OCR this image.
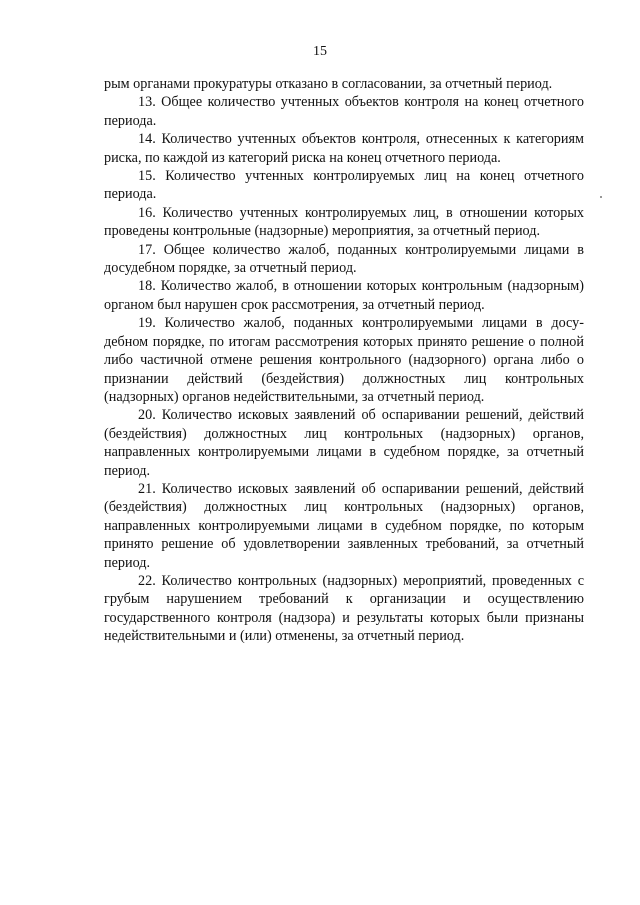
15

рым органами прокуратуры отказано в согласовании, за отчетный период.

13. Общее количество учтенных объектов контроля на конец отчетного периода.

14. Количество учтенных объектов контроля, отнесенных к категориям риска, по каждой из категорий риска на конец отчетного периода.

15. Количество учтенных контролируемых лиц на конец отчетного периода.

16. Количество учтенных контролируемых лиц, в отношении которых проведены контрольные (надзорные) мероприятия, за отчетный период.

17. Общее количество жалоб, поданных контролируемыми лицами в досудебном порядке, за отчетный период.

18. Количество жалоб, в отношении которых контрольным (надзорным) органом был нарушен срок рассмотрения, за отчетный период.

19. Количество жалоб, поданных контролируемыми лицами в досудебном порядке, по итогам рассмотрения которых принято решение о полной либо частичной отмене решения контрольного (надзорного) органа либо о признании действий (бездействия) должностных лиц контрольных (надзорных) органов недействительными, за отчетный период.

20. Количество исковых заявлений об оспаривании решений, действий (бездействия) должностных лиц контрольных (надзорных) органов, направленных контролируемыми лицами в судебном порядке, за отчетный период.

21. Количество исковых заявлений об оспаривании решений, действий (бездействия) должностных лиц контрольных (надзорных) органов, направленных контролируемыми лицами в судебном порядке, по которым принято решение об удовлетворении заявленных требований, за отчетный период.

22. Количество контрольных (надзорных) мероприятий, проведенных с грубым нарушением требований к организации и осуществлению государственного контроля (надзора) и результаты которых были признаны недействительными и (или) отменены, за отчетный период.
